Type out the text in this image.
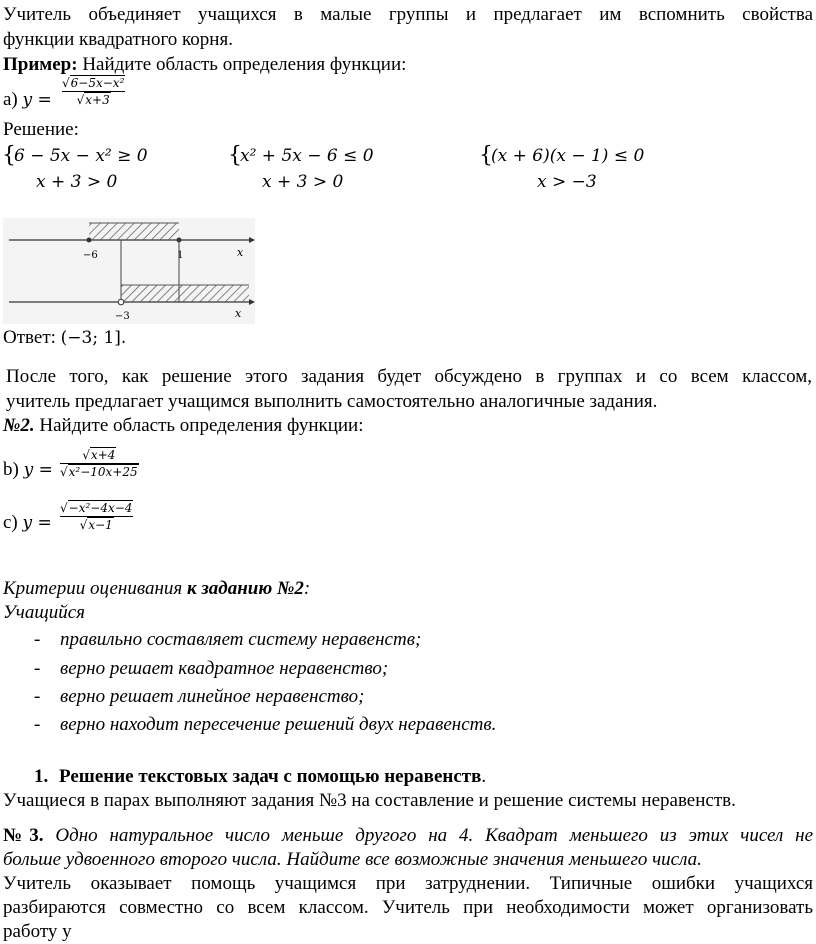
Учитель объединяет учащихся в малые группы и предлагает им вспомнить свойства
функции квадратного корня.
Пример: Найдите область определения функции:
а) y =
√6−5x−x²
√x+3
Решение:
{
6 − 5x − x² ≥ 0
x + 3 > 0
{
x² + 5x − 6 ≤ 0
x + 3 > 0
{
(x + 6)(x − 1) ≤ 0
x > −3
−6	1	x
−3	x
Ответ: (−3; 1].
После того, как решение этого задания будет обсуждено в группах и со всем классом,
учитель предлагает учащимся выполнить самостоятельно аналогичные задания.
№2. Найдите область определения функции:
b) y =
√x+4
√x²−10x+25
c) y =
√−x²−4x−4
√x−1
Критерии оценивания к заданию №2:
Учащийся
- правильно составляет систему неравенств;
- верно решает квадратное неравенство;
- верно решает линейное неравенство;
- верно находит пересечение решений двух неравенств.
1. Решение текстовых задач с помощью неравенств.
Учащиеся в парах выполняют задания №3 на составление и решение системы неравенств.
№3. Одно натуральное число меньше другого на 4. Квадрат меньшего из этих чисел не
больше удвоенного второго числа. Найдите все возможные значения меньшего числа.
Учитель оказывает помощь учащимся при затруднении. Типичные ошибки учащихся
разбираются совместно со всем классом. Учитель при необходимости может организовать
работу у
